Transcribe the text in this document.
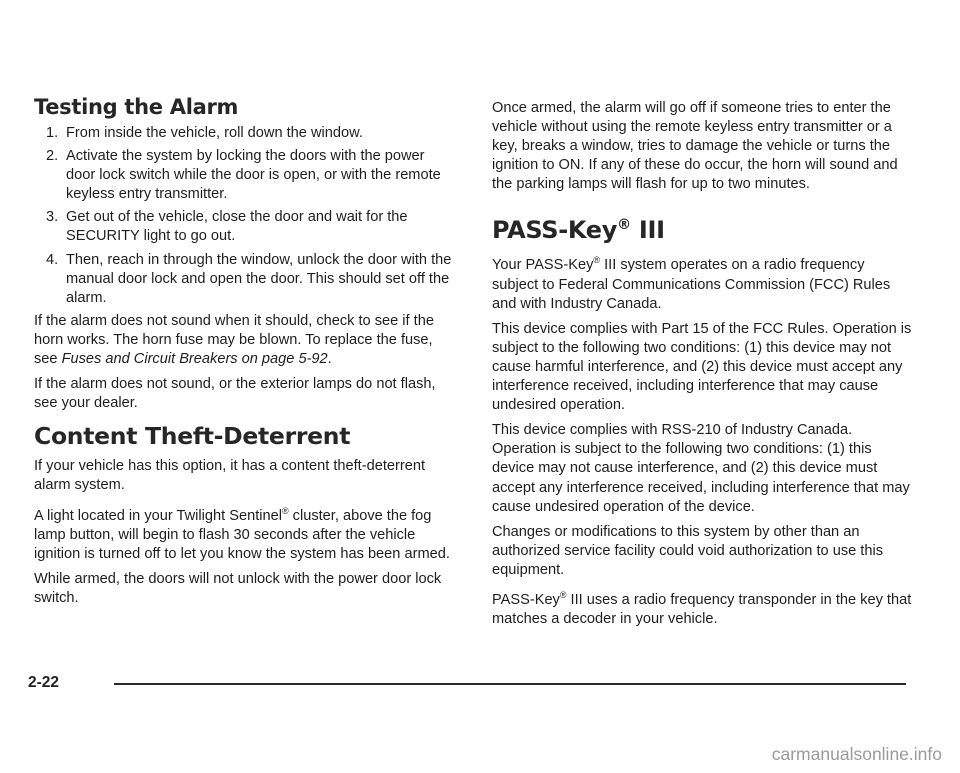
Testing the Alarm
1. From inside the vehicle, roll down the window.
2. Activate the system by locking the doors with the power door lock switch while the door is open, or with the remote keyless entry transmitter.
3. Get out of the vehicle, close the door and wait for the SECURITY light to go out.
4. Then, reach in through the window, unlock the door with the manual door lock and open the door. This should set off the alarm.

If the alarm does not sound when it should, check to see if the horn works. The horn fuse may be blown. To replace the fuse, see Fuses and Circuit Breakers on page 5-92.

If the alarm does not sound, or the exterior lamps do not flash, see your dealer.

Content Theft-Deterrent

If your vehicle has this option, it has a content theft-deterrent alarm system.

A light located in your Twilight Sentinel® cluster, above the fog lamp button, will begin to flash 30 seconds after the vehicle ignition is turned off to let you know the system has been armed.

While armed, the doors will not unlock with the power door lock switch.

Once armed, the alarm will go off if someone tries to enter the vehicle without using the remote keyless entry transmitter or a key, breaks a window, tries to damage the vehicle or turns the ignition to ON. If any of these do occur, the horn will sound and the parking lamps will flash for up to two minutes.

PASS-Key® III

Your PASS-Key® III system operates on a radio frequency subject to Federal Communications Commission (FCC) Rules and with Industry Canada.

This device complies with Part 15 of the FCC Rules. Operation is subject to the following two conditions: (1) this device may not cause harmful interference, and (2) this device must accept any interference received, including interference that may cause undesired operation.

This device complies with RSS-210 of Industry Canada. Operation is subject to the following two conditions: (1) this device may not cause interference, and (2) this device must accept any interference received, including interference that may cause undesired operation of the device.

Changes or modifications to this system by other than an authorized service facility could void authorization to use this equipment.

PASS-Key® III uses a radio frequency transponder in the key that matches a decoder in your vehicle.

2-22
carmanualsonline.info
